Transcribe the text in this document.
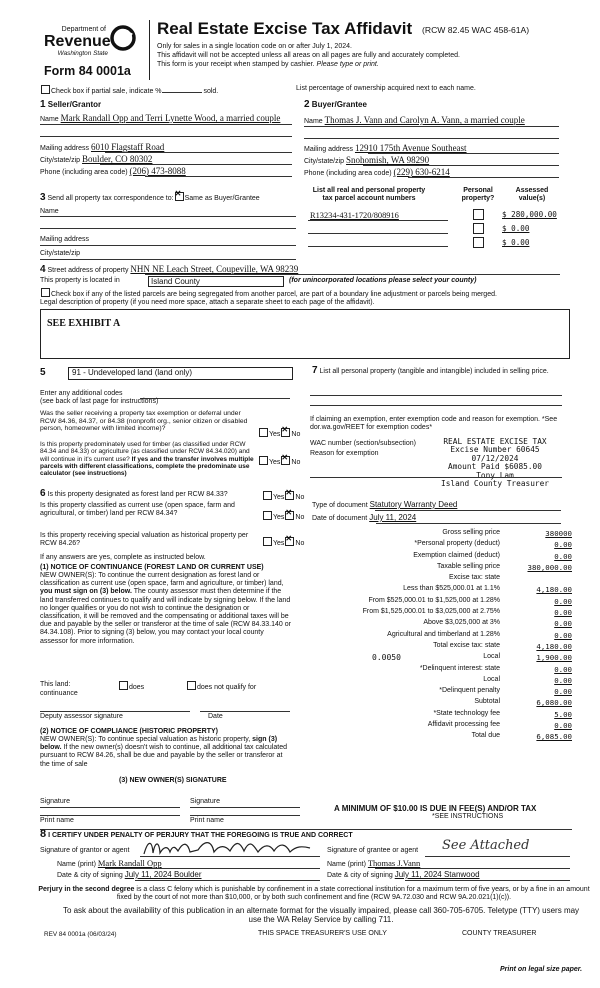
Department of
Revenue
Washington State
Form 84 0001a
Real Estate Excise Tax Affidavit (RCW 82.45 WAC 458-61A)
Only for sales in a single location code on or after July 1, 2024.
This affidavit will not be accepted unless all areas on all pages are fully and accurately completed.
This form is your receipt when stamped by cashier. Please type or print.
Check box if partial sale, indicate %	sold.	List percentage of ownership acquired next to each name.
1 Seller/Grantor
Name Mark Randall Opp and Terri Lynette Wood, a married couple
Mailing address 6010 Flagstaff Road
City/state/zip Boulder, CO 80302
Phone (including area code) (206) 473-8088
2 Buyer/Grantee
Name Thomas J. Vann and Carolyn A. Vann, a married couple
Mailing address 12910 175th Avenue Southeast
City/state/zip Snohomish, WA 98290
Phone (including area code) (229) 630-6214
3 Send all property tax correspondence to: ✕ Same as Buyer/Grantee
Name
Mailing address
City/state/zip
List all real and personal property tax parcel account numbers
Personal property?
Assessed value(s)
R13234-431-1720/808916	$ 280,000.00
$ 0.00
$ 0.00
4 Street address of property NHN NE Leach Street, Coupeville, WA 98239
This property is located in	Island County	(for unincorporated locations please select your county)
Check box if any of the listed parcels are being segregated from another parcel, are part of a boundary line adjustment or parcels being merged.
Legal description of property (if you need more space, attach a separate sheet to each page of the affidavit).
SEE EXHIBIT A
5	91 - Undeveloped land (land only)
Enter any additional codes
(see back of last page for instructions)
Was the seller receiving a property tax exemption or deferral under RCW 84.36, 84.37, or 84.38 (nonprofit org., senior citizen or disabled person, homeowner with limited income)?
Yes ✕ No
Is this property predominately used for timber (as classified under RCW 84.34 and 84.33) or agriculture (as classified under RCW 84.34.020) and will continue in it's current use? If yes and the transfer involves multiple parcels with different classifications, complete the predominate use calculator (see instructions)
Yes ✕ No
6 Is this property designated as forest land per RCW 84.33?	Yes ✕ No
Is this property classified as current use (open space, farm and agricultural, or timber) land per RCW 84.34?
Yes ✕ No
Is this property receiving special valuation as historical property per RCW 84.26?	Yes ✕ No
If any answers are yes, complete as instructed below.
(1) NOTICE OF CONTINUANCE (FOREST LAND OR CURRENT USE)
NEW OWNER(S): To continue the current designation as forest land or classification as current use (open space, farm and agriculture, or timber) land, you must sign on (3) below. The county assessor must then determine if the land transferred continues to qualify and will indicate by signing below. If the land no longer qualifies or you do not wish to continue the designation or classification, it will be removed and the compensating or additional taxes will be due and payable by the seller or transferor at the time of sale (RCW 84.33.140 or 84.34.108). Prior to signing (3) below, you may contact your local county assessor for more information.
This land:	does	does not qualify for
continuance
Deputy assessor signature	Date
(2) NOTICE OF COMPLIANCE (HISTORIC PROPERTY)
NEW OWNER(S): To continue special valuation as historic property, sign (3) below. If the new owner(s) doesn't wish to continue, all additional tax calculated pursuant to RCW 84.26, shall be due and payable by the seller or transferor at the time of sale
(3) NEW OWNER(S) SIGNATURE
Signature	Signature
Print name	Print name
7 List all personal property (tangible and intangible) included in selling price.
If claiming an exemption, enter exemption code and reason for exemption. *See dor.wa.gov/REET for exemption codes*
WAC number (section/subsection)
Reason for exemption
REAL ESTATE EXCISE TAX
Excise Number 60645
07/12/2024
Amount Paid $6085.00
Tony Lam
Island County Treasurer
Type of document Statutory Warranty Deed
Date of document July 11, 2024
Gross selling price	380000
*Personal property (deduct)	0.00
Exemption claimed (deduct)	0.00
Taxable selling price	380,000.00
Excise tax: state
Less than $525,000.01 at 1.1%	4,180.00
From $525,000.01 to $1,525,000 at 1.28%	0.00
From $1,525,000.01 to $3,025,000 at 2.75%	0.00
Above $3,025,000 at 3%	0.00
Agricultural and timberland at 1.28%	0.00
Total excise tax: state	4,180.00
0.0050	Local	1,900.00
*Delinquent interest: state	0.00
Local	0.00
*Delinquent penalty	0.00
Subtotal	6,080.00
*State technology fee	5.00
Affidavit processing fee	0.00
Total due	6,085.00
A MINIMUM OF $10.00 IS DUE IN FEE(S) AND/OR TAX
*SEE INSTRUCTIONS
8 I CERTIFY UNDER PENALTY OF PERJURY THAT THE FOREGOING IS TRUE AND CORRECT
Signature of grantor or agent
Name (print) Mark Randall Opp
Date & city of signing July 11, 2024 Boulder
Signature of grantee or agent See Attached
Name (print) Thomas J.Vann
Date & city of signing July 11, 2024 Stanwood
Perjury in the second degree is a class C felony which is punishable by confinement in a state correctional institution for a maximum term of five years, or by a fine in an amount fixed by the court of not more than $10,000, or by both such confinement and fine (RCW 9A.72.030 and RCW 9A.20.021(1)(c)).
To ask about the availability of this publication in an alternate format for the visually impaired, please call 360-705-6705. Teletype (TTY) users may use the WA Relay Service by calling 711.
REV 84 0001a (06/03/24)	THIS SPACE TREASURER'S USE ONLY	COUNTY TREASURER
Print on legal size paper.
